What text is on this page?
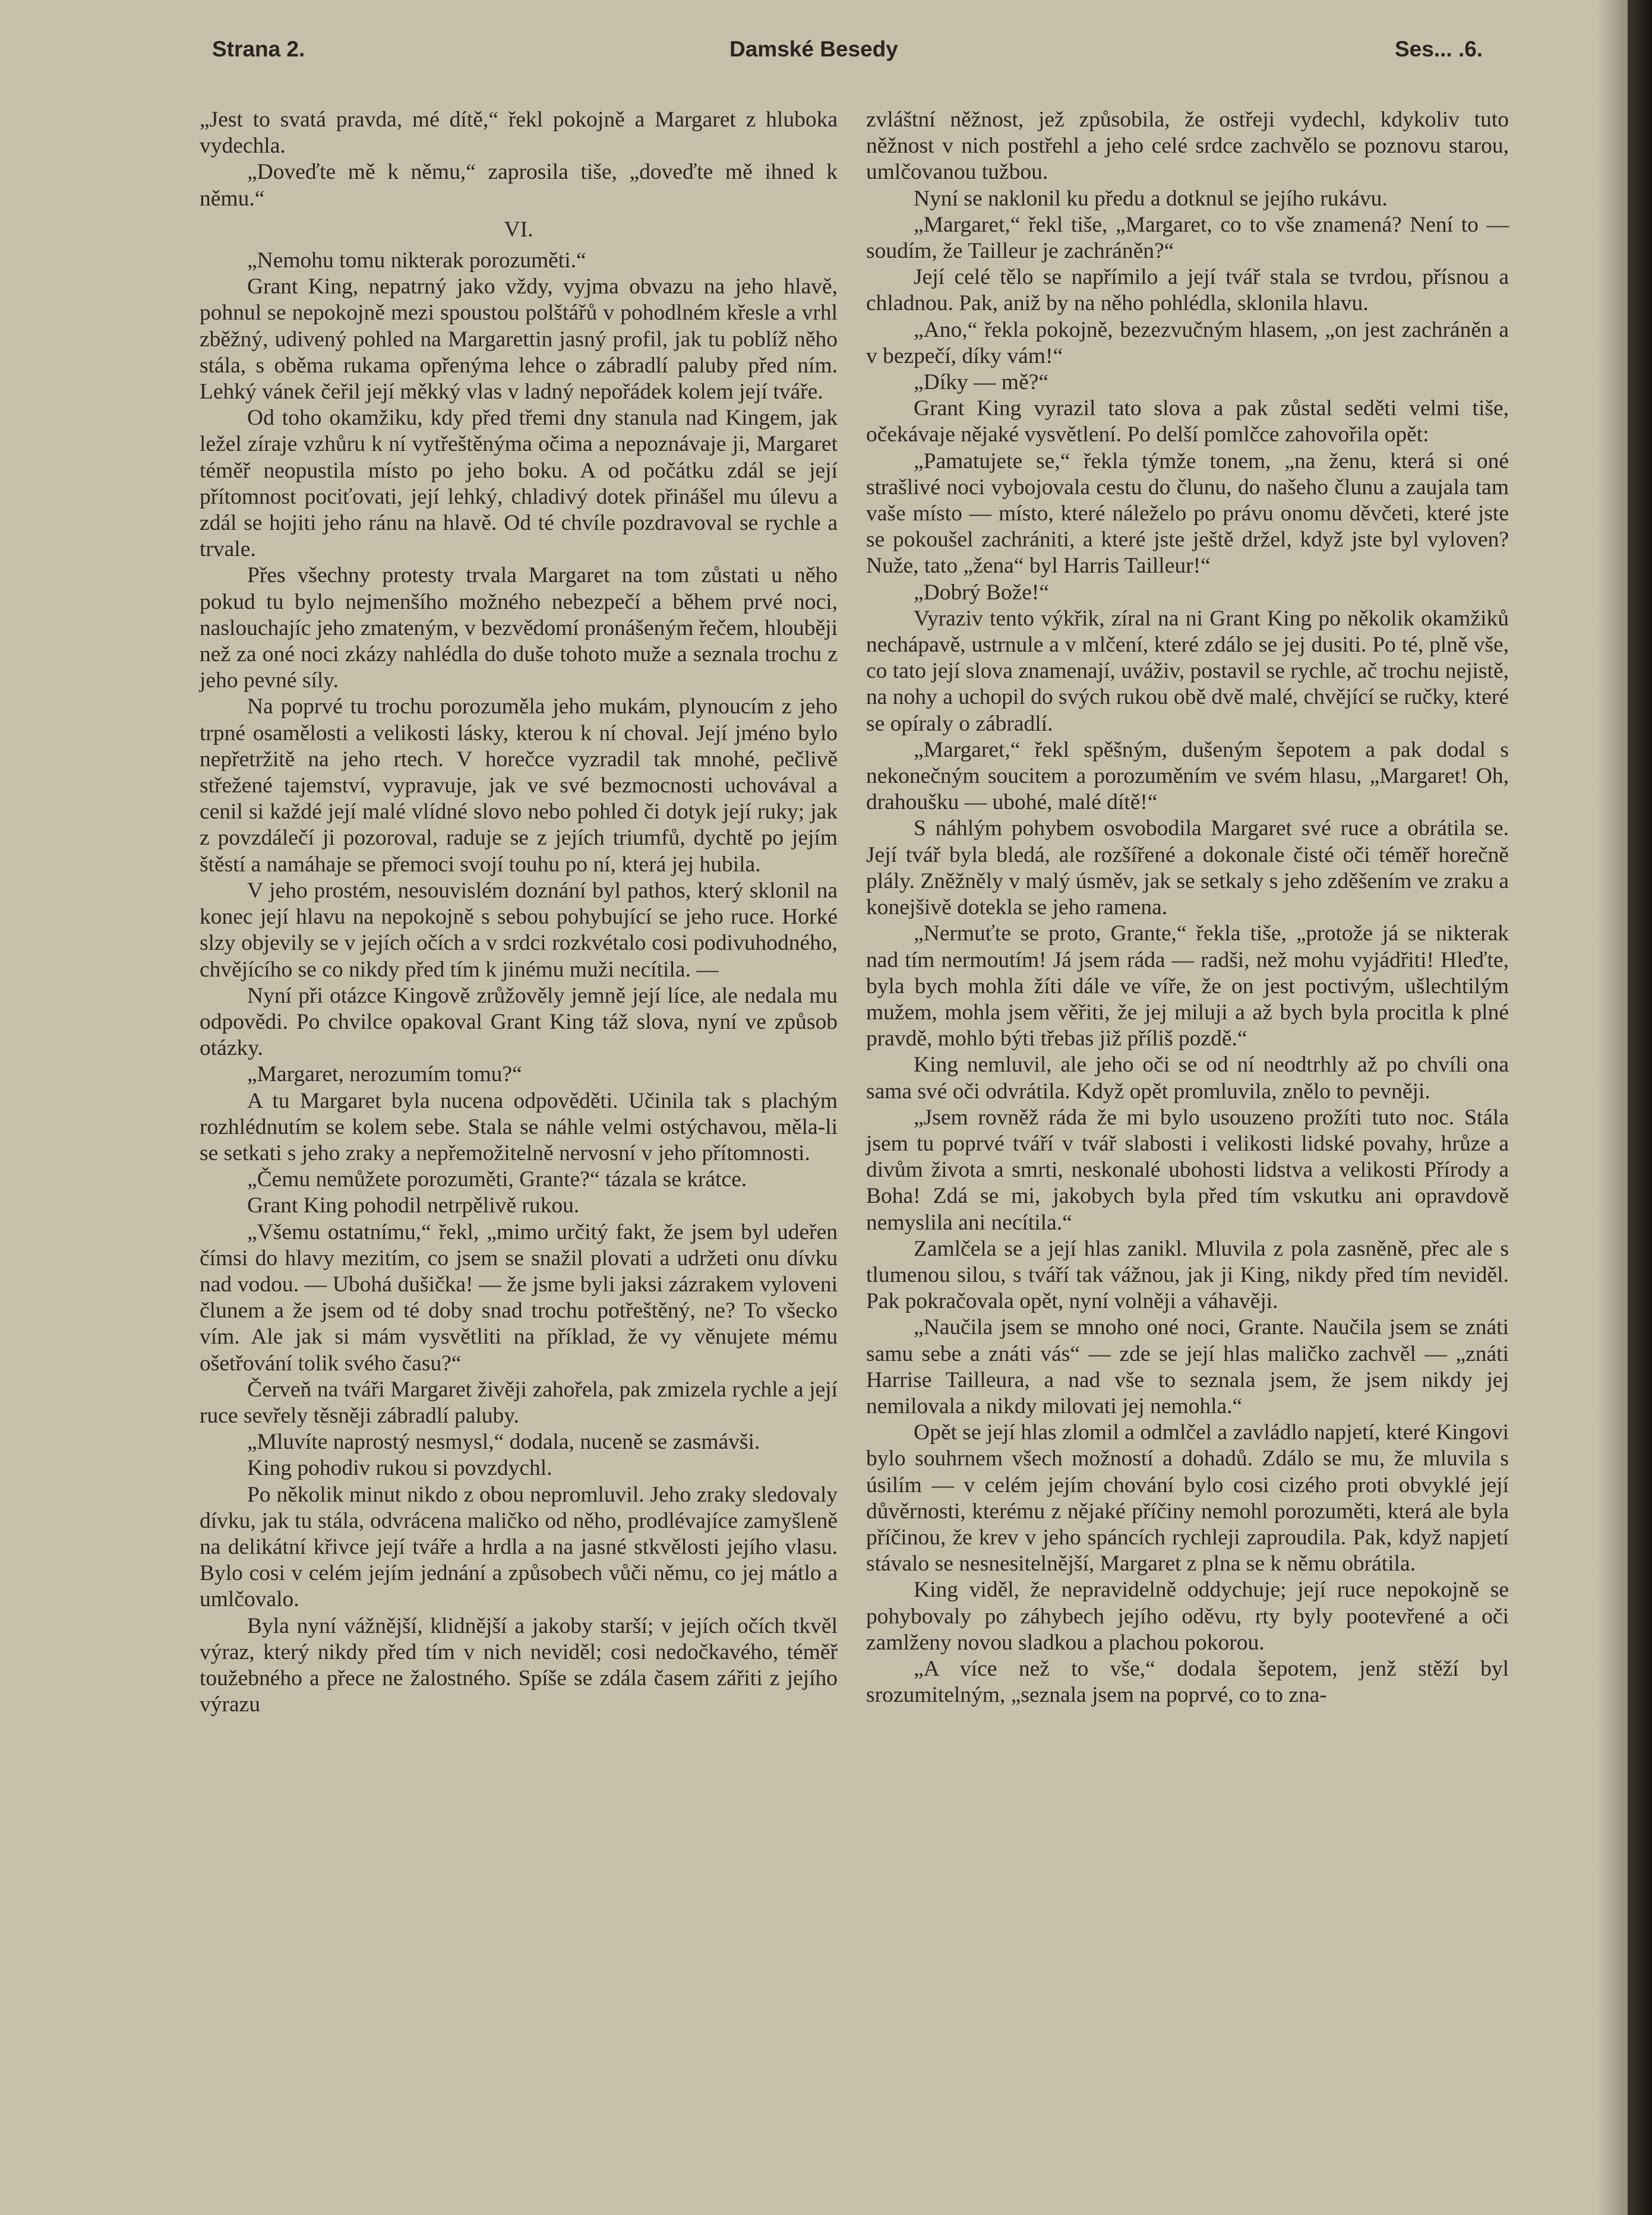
Strana 2.	Damské Besedy	Ses... .6.

„Jest to svatá pravda, mé dítě,“ řekl pokojně a Margaret z hluboka vydechla.

„Doveďte mě k němu,“ zaprosila tiše, „doveďte mě ihned k němu.“

VI.

„Nemohu tomu nikterak porozuměti.“

Grant King, nepatrný jako vždy, vyjma obvazu na jeho hlavě, pohnul se nepokojně mezi spoustou polštářů v pohodlném křesle a vrhl zběžný, udivený pohled na Margarettin jasný profil, jak tu poblíž něho stála, s oběma rukama opřenýma lehce o zábradlí paluby před ním. Lehký vánek čeřil její měkký vlas v ladný nepořádek kolem její tváře.

Od toho okamžiku, kdy před třemi dny stanula nad Kingem, jak ležel zíraje vzhůru k ní vytřeštěnýma očima a nepoznávaje ji, Margaret téměř neopustila místo po jeho boku. A od počátku zdál se její přítomnost pociťovati, její lehký, chladivý dotek přinášel mu úlevu a zdál se hojiti jeho ránu na hlavě. Od té chvíle pozdravoval se rychle a trvale.

Přes všechny protesty trvala Margaret na tom zůstati u něho pokud tu bylo nejmenšího možného nebezpečí a během prvé noci, naslouchajíc jeho zmateným, v bezvědomí pronášeným řečem, hlouběji než za oné noci zkázy nahlédla do duše tohoto muže a seznala trochu z jeho pevné síly.

Na poprvé tu trochu porozuměla jeho mukám, plynoucím z jeho trpné osamělosti a velikosti lásky, kterou k ní choval. Její jméno bylo nepřetržitě na jeho rtech. V horečce vyzradil tak mnohé, pečlivě střežené tajemství, vypravuje, jak ve své bezmocnosti uchovával a cenil si každé její malé vlídné slovo nebo pohled či dotyk její ruky; jak z povzdálečí ji pozoroval, raduje se z jejích triumfů, dychtě po jejím štěstí a namáhaje se přemoci svojí touhu po ní, která jej hubila.

V jeho prostém, nesouvislém doznání byl pathos, který sklonil na konec její hlavu na nepokojně s sebou pohybující se jeho ruce. Horké slzy objevily se v jejích očích a v srdci rozkvétalo cosi podivuhodného, chvějícího se co nikdy před tím k jinému muži necítila. —

Nyní při otázce Kingově zrůžověly jemně její líce, ale nedala mu odpovědi. Po chvilce opakoval Grant King táž slova, nyní ve způsob otázky.

„Margaret, nerozumím tomu?“

A tu Margaret byla nucena odpověděti. Učinila tak s plachým rozhlédnutím se kolem sebe. Stala se náhle velmi ostýchavou, měla-li se setkati s jeho zraky a nepřemožitelně nervosní v jeho přítomnosti.

„Čemu nemůžete porozuměti, Grante?“ tázala se krátce.

Grant King pohodil netrpělivě rukou.

„Všemu ostatnímu,“ řekl, „mimo určitý fakt, že jsem byl udeřen čímsi do hlavy mezitím, co jsem se snažil plovati a udržeti onu dívku nad vodou. — Ubohá dušička! — že jsme byli jaksi zázrakem vyloveni člunem a že jsem od té doby snad trochu potřeštěný, ne? To všecko vím. Ale jak si mám vysvětliti na příklad, že vy věnujete mému ošetřování tolik svého času?“

Červeň na tváři Margaret živěji zahořela, pak zmizela rychle a její ruce sevřely těsněji zábradlí paluby.

„Mluvíte naprostý nesmysl,“ dodala, nuceně se zasmávši.

King pohodiv rukou si povzdychl.

Po několik minut nikdo z obou nepromluvil. Jeho zraky sledovaly dívku, jak tu stála, odvrácena maličko od něho, prodlévajíce zamyšleně na delikátní křivce její tváře a hrdla a na jasné stkvělosti jejího vlasu. Bylo cosi v celém jejím jednání a způsobech vůči němu, co jej mátlo a umlčovalo.

Byla nyní vážnější, klidnější a jakoby starší; v jejích očích tkvěl výraz, který nikdy před tím v nich neviděl; cosi nedočkavého, téměř toužebného a přece ne žalostného. Spíše se zdála časem zářiti z jejího výrazu

zvláštní něžnost, jež způsobila, že ostřeji vydechl, kdykoliv tuto něžnost v nich postřehl a jeho celé srdce zachvělo se poznovu starou, umlčovanou tužbou.

Nyní se naklonil ku předu a dotknul se jejího rukávu.

„Margaret,“ řekl tiše, „Margaret, co to vše znamená? Není to — soudím, že Tailleur je zachráněn?“

Její celé tělo se napřímilo a její tvář stala se tvrdou, přísnou a chladnou. Pak, aniž by na něho pohlédla, sklonila hlavu.

„Ano,“ řekla pokojně, bezezvučným hlasem, „on jest zachráněn a v bezpečí, díky vám!“

„Díky — mě?“

Grant King vyrazil tato slova a pak zůstal seděti velmi tiše, očekávaje nějaké vysvětlení. Po delší pomlčce zahovořila opět:

„Pamatujete se,“ řekla týmže tonem, „na ženu, která si oné strašlivé noci vybojovala cestu do člunu, do našeho člunu a zaujala tam vaše místo — místo, které náleželo po právu onomu děvčeti, které jste se pokoušel zachrániti, a které jste ještě držel, když jste byl vyloven? Nuže, tato „žena“ byl Harris Tailleur!“

„Dobrý Bože!“

Vyraziv tento výkřik, zíral na ni Grant King po několik okamžiků nechápavě, ustrnule a v mlčení, které zdálo se jej dusiti. Po té, plně vše, co tato její slova znamenají, uváživ, postavil se rychle, ač trochu nejistě, na nohy a uchopil do svých rukou obě dvě malé, chvějící se ručky, které se opíraly o zábradlí.

„Margaret,“ řekl spěšným, dušeným šepotem a pak dodal s nekonečným soucitem a porozuměním ve svém hlasu, „Margaret! Oh, drahoušku — ubohé, malé dítě!“

S náhlým pohybem osvobodila Margaret své ruce a obrátila se. Její tvář byla bledá, ale rozšířené a dokonale čisté oči téměř horečně plály. Zněžněly v malý úsměv, jak se setkaly s jeho zděšením ve zraku a konejšivě dotekla se jeho ramena.

„Nermuťte se proto, Grante,“ řekla tiše, „protože já se nikterak nad tím nermoutím! Já jsem ráda — radši, než mohu vyjádřiti! Hleďte, byla bych mohla žíti dále ve víře, že on jest poctivým, ušlechtilým mužem, mohla jsem věřiti, že jej miluji a až bych byla procitla k plné pravdě, mohlo býti třebas již příliš pozdě.“

King nemluvil, ale jeho oči se od ní neodtrhly až po chvíli ona sama své oči odvrátila. Když opět promluvila, znělo to pevněji.

„Jsem rovněž ráda že mi bylo usouzeno prožíti tuto noc. Stála jsem tu poprvé tváří v tvář slabosti i velikosti lidské povahy, hrůze a divům života a smrti, neskonalé ubohosti lidstva a velikosti Přírody a Boha! Zdá se mi, jakobych byla před tím vskutku ani opravdově nemyslila ani necítila.“

Zamlčela se a její hlas zanikl. Mluvila z pola zasněně, přec ale s tlumenou silou, s tváří tak vážnou, jak ji King, nikdy před tím neviděl. Pak pokračovala opět, nyní volněji a váhavěji.

„Naučila jsem se mnoho oné noci, Grante. Naučila jsem se znáti samu sebe a znáti vás“ — zde se její hlas maličko zachvěl — „znáti Harrise Tailleura, a nad vše to seznala jsem, že jsem nikdy jej nemilovala a nikdy milovati jej nemohla.“

Opět se její hlas zlomil a odmlčel a zavládlo napjetí, které Kingovi bylo souhrnem všech možností a dohadů. Zdálo se mu, že mluvila s úsilím — v celém jejím chování bylo cosi cizého proti obvyklé její důvěrnosti, kterému z nějaké příčiny nemohl porozuměti, která ale byla příčinou, že krev v jeho spáncích rychleji zaproudila. Pak, když napjetí stávalo se nesnesitelnější, Margaret z plna se k němu obrátila.

King viděl, že nepravidelně oddychuje; její ruce nepokojně se pohybovaly po záhybech jejího oděvu, rty byly pootevřené a oči zamlženy novou sladkou a plachou pokorou.

„A více než to vše,“ dodala šepotem, jenž stěží byl srozumitelným, „seznala jsem na poprvé, co to zna-
